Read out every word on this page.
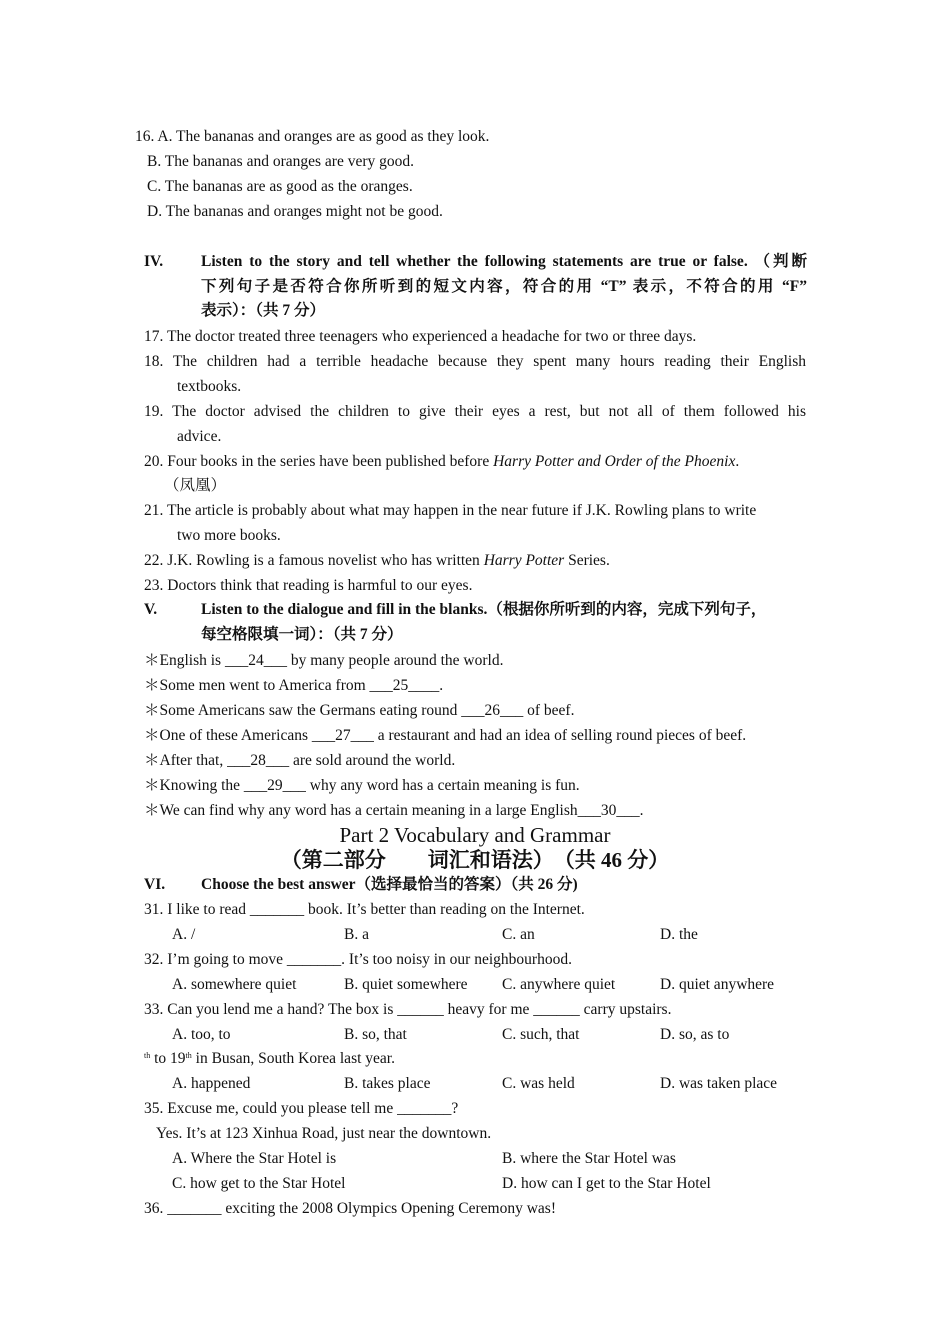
16. A. The bananas and oranges are as good as they look.
B. The bananas and oranges are very good.
C. The bananas are as good as the oranges.
D. The bananas and oranges might not be good.
IV. Listen to the story and tell whether the following statements are true or false. （判断
下列句子是否符合你所听到的短文内容，符合的用 “T” 表示，不符合的用 “F”
表示）：（共 7 分）
17. The doctor treated three teenagers who experienced a headache for two or three days.
18. The children had a terrible headache because they spent many hours reading their English
textbooks.
19. The doctor advised the children to give their eyes a rest, but not all of them followed his
advice.
20. Four books in the series have been published before Harry Potter and Order of the Phoenix.
（凤凰）
21. The article is probably about what may happen in the near future if J.K. Rowling plans to write
two more books.
22. J.K. Rowling is a famous novelist who has written Harry Potter Series.
23. Doctors think that reading is harmful to our eyes.
V.	Listen to the dialogue and fill in the blanks.（根据你所听到的内容，完成下列句子，
每空格限填一词）：（共 7 分）
＊English is ___24___ by many people around the world.
＊Some men went to America from ___25____.
＊Some Americans saw the Germans eating round ___26___ of beef.
＊One of these Americans ___27___ a restaurant and had an idea of selling round pieces of beef.
＊After that, ___28___ are sold around the world.
＊Knowing the ___29___ why any word has a certain meaning is fun.
＊We can find why any word has a certain meaning in a large English___30___.
Part 2 Vocabulary and Grammar
（第二部分　　词汇和语法）　（共 46 分）
VI. Choose the best answer（选择最恰当的答案）（共 26 分)
31. I like to read _______ book. It’s better than reading on the Internet.
A. /	B. a	C. an	D. the
32. I’m going to move _______. It’s too noisy in our neighbourhood.
A. somewhere quiet	B. quiet somewhere C. anywhere quiet	D. quiet anywhere
33. Can you lend me a hand? The box is ______ heavy for me ______ carry upstairs.
A. too, to	B. so, that	C. such, that	D. so, as to
$^{th}$ to 19th in Busan, South Korea last year.
A. happened	B. takes place	C. was held	D. was taken place
35. Excuse me, could you please tell me _______?
Yes. It’s at 123 Xinhua Road, just near the downtown.
A. Where the Star Hotel is	B. where the Star Hotel was
C. how get to the Star Hotel	D. how can I get to the Star Hotel
36. _______ exciting the 2008 Olympics Opening Ceremony was!
